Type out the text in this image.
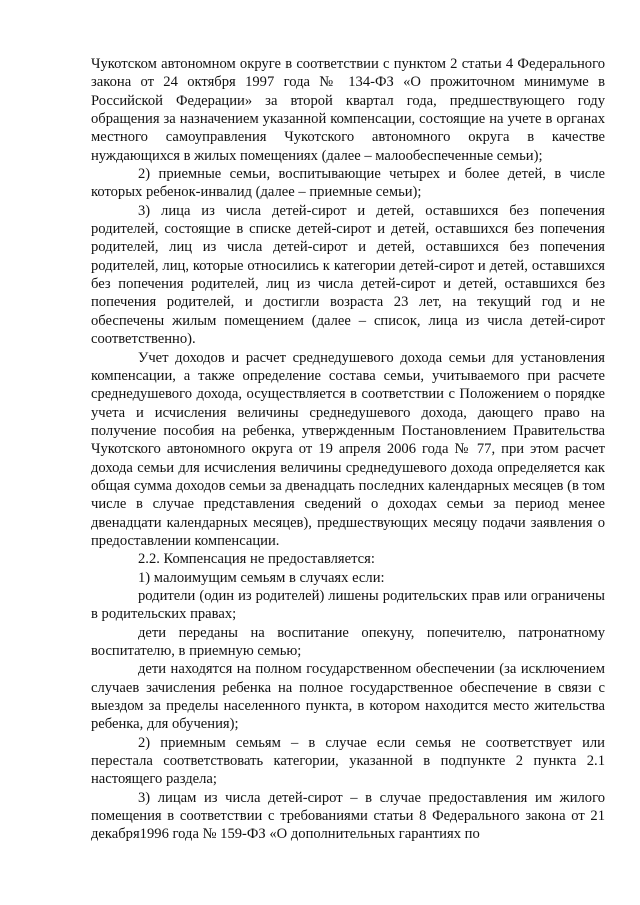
Чукотском автономном округе в соответствии с пунктом 2 статьи 4 Федерального закона от 24 октября 1997 года № 134-ФЗ «О прожиточном минимуме в Российской Федерации» за второй квартал года, предшествующего году обращения за назначением указанной компенсации, состоящие на учете в органах местного самоуправления Чукотского автономного округа в качестве нуждающихся в жилых помещениях (далее – малообеспеченные семьи);

2) приемные семьи, воспитывающие четырех и более детей, в числе которых ребенок-инвалид (далее – приемные семьи);

3) лица из числа детей-сирот и детей, оставшихся без попечения родителей, состоящие в списке детей-сирот и детей, оставшихся без попечения родителей, лиц из числа детей-сирот и детей, оставшихся без попечения родителей, лиц, которые относились к категории детей-сирот и детей, оставшихся без попечения родителей, лиц из числа детей-сирот и детей, оставшихся без попечения родителей, и достигли возраста 23 лет, на текущий год и не обеспечены жилым помещением (далее – список, лица из числа детей-сирот соответственно).

Учет доходов и расчет среднедушевого дохода семьи для установления компенсации, а также определение состава семьи, учитываемого при расчете среднедушевого дохода, осуществляется в соответствии с Положением о порядке учета и исчисления величины среднедушевого дохода, дающего право на получение пособия на ребенка, утвержденным Постановлением Правительства Чукотского автономного округа от 19 апреля 2006 года № 77, при этом расчет дохода семьи для исчисления величины среднедушевого дохода определяется как общая сумма доходов семьи за двенадцать последних календарных месяцев (в том числе в случае представления сведений о доходах семьи за период менее двенадцати календарных месяцев), предшествующих месяцу подачи заявления о предоставлении компенсации.

2.2. Компенсация не предоставляется:

1) малоимущим семьям в случаях если:

родители (один из родителей) лишены родительских прав или ограничены в родительских правах;

дети переданы на воспитание опекуну, попечителю, патронатному воспитателю, в приемную семью;

дети находятся на полном государственном обеспечении (за исключением случаев зачисления ребенка на полное государственное обеспечение в связи с выездом за пределы населенного пункта, в котором находится место жительства ребенка, для обучения);

2) приемным семьям – в случае если семья не соответствует или перестала соответствовать категории, указанной в подпункте 2 пункта 2.1 настоящего раздела;

3) лицам из числа детей-сирот – в случае предоставления им жилого помещения в соответствии с требованиями статьи 8 Федерального закона от 21 декабря1996 года № 159-ФЗ «О дополнительных гарантиях по
